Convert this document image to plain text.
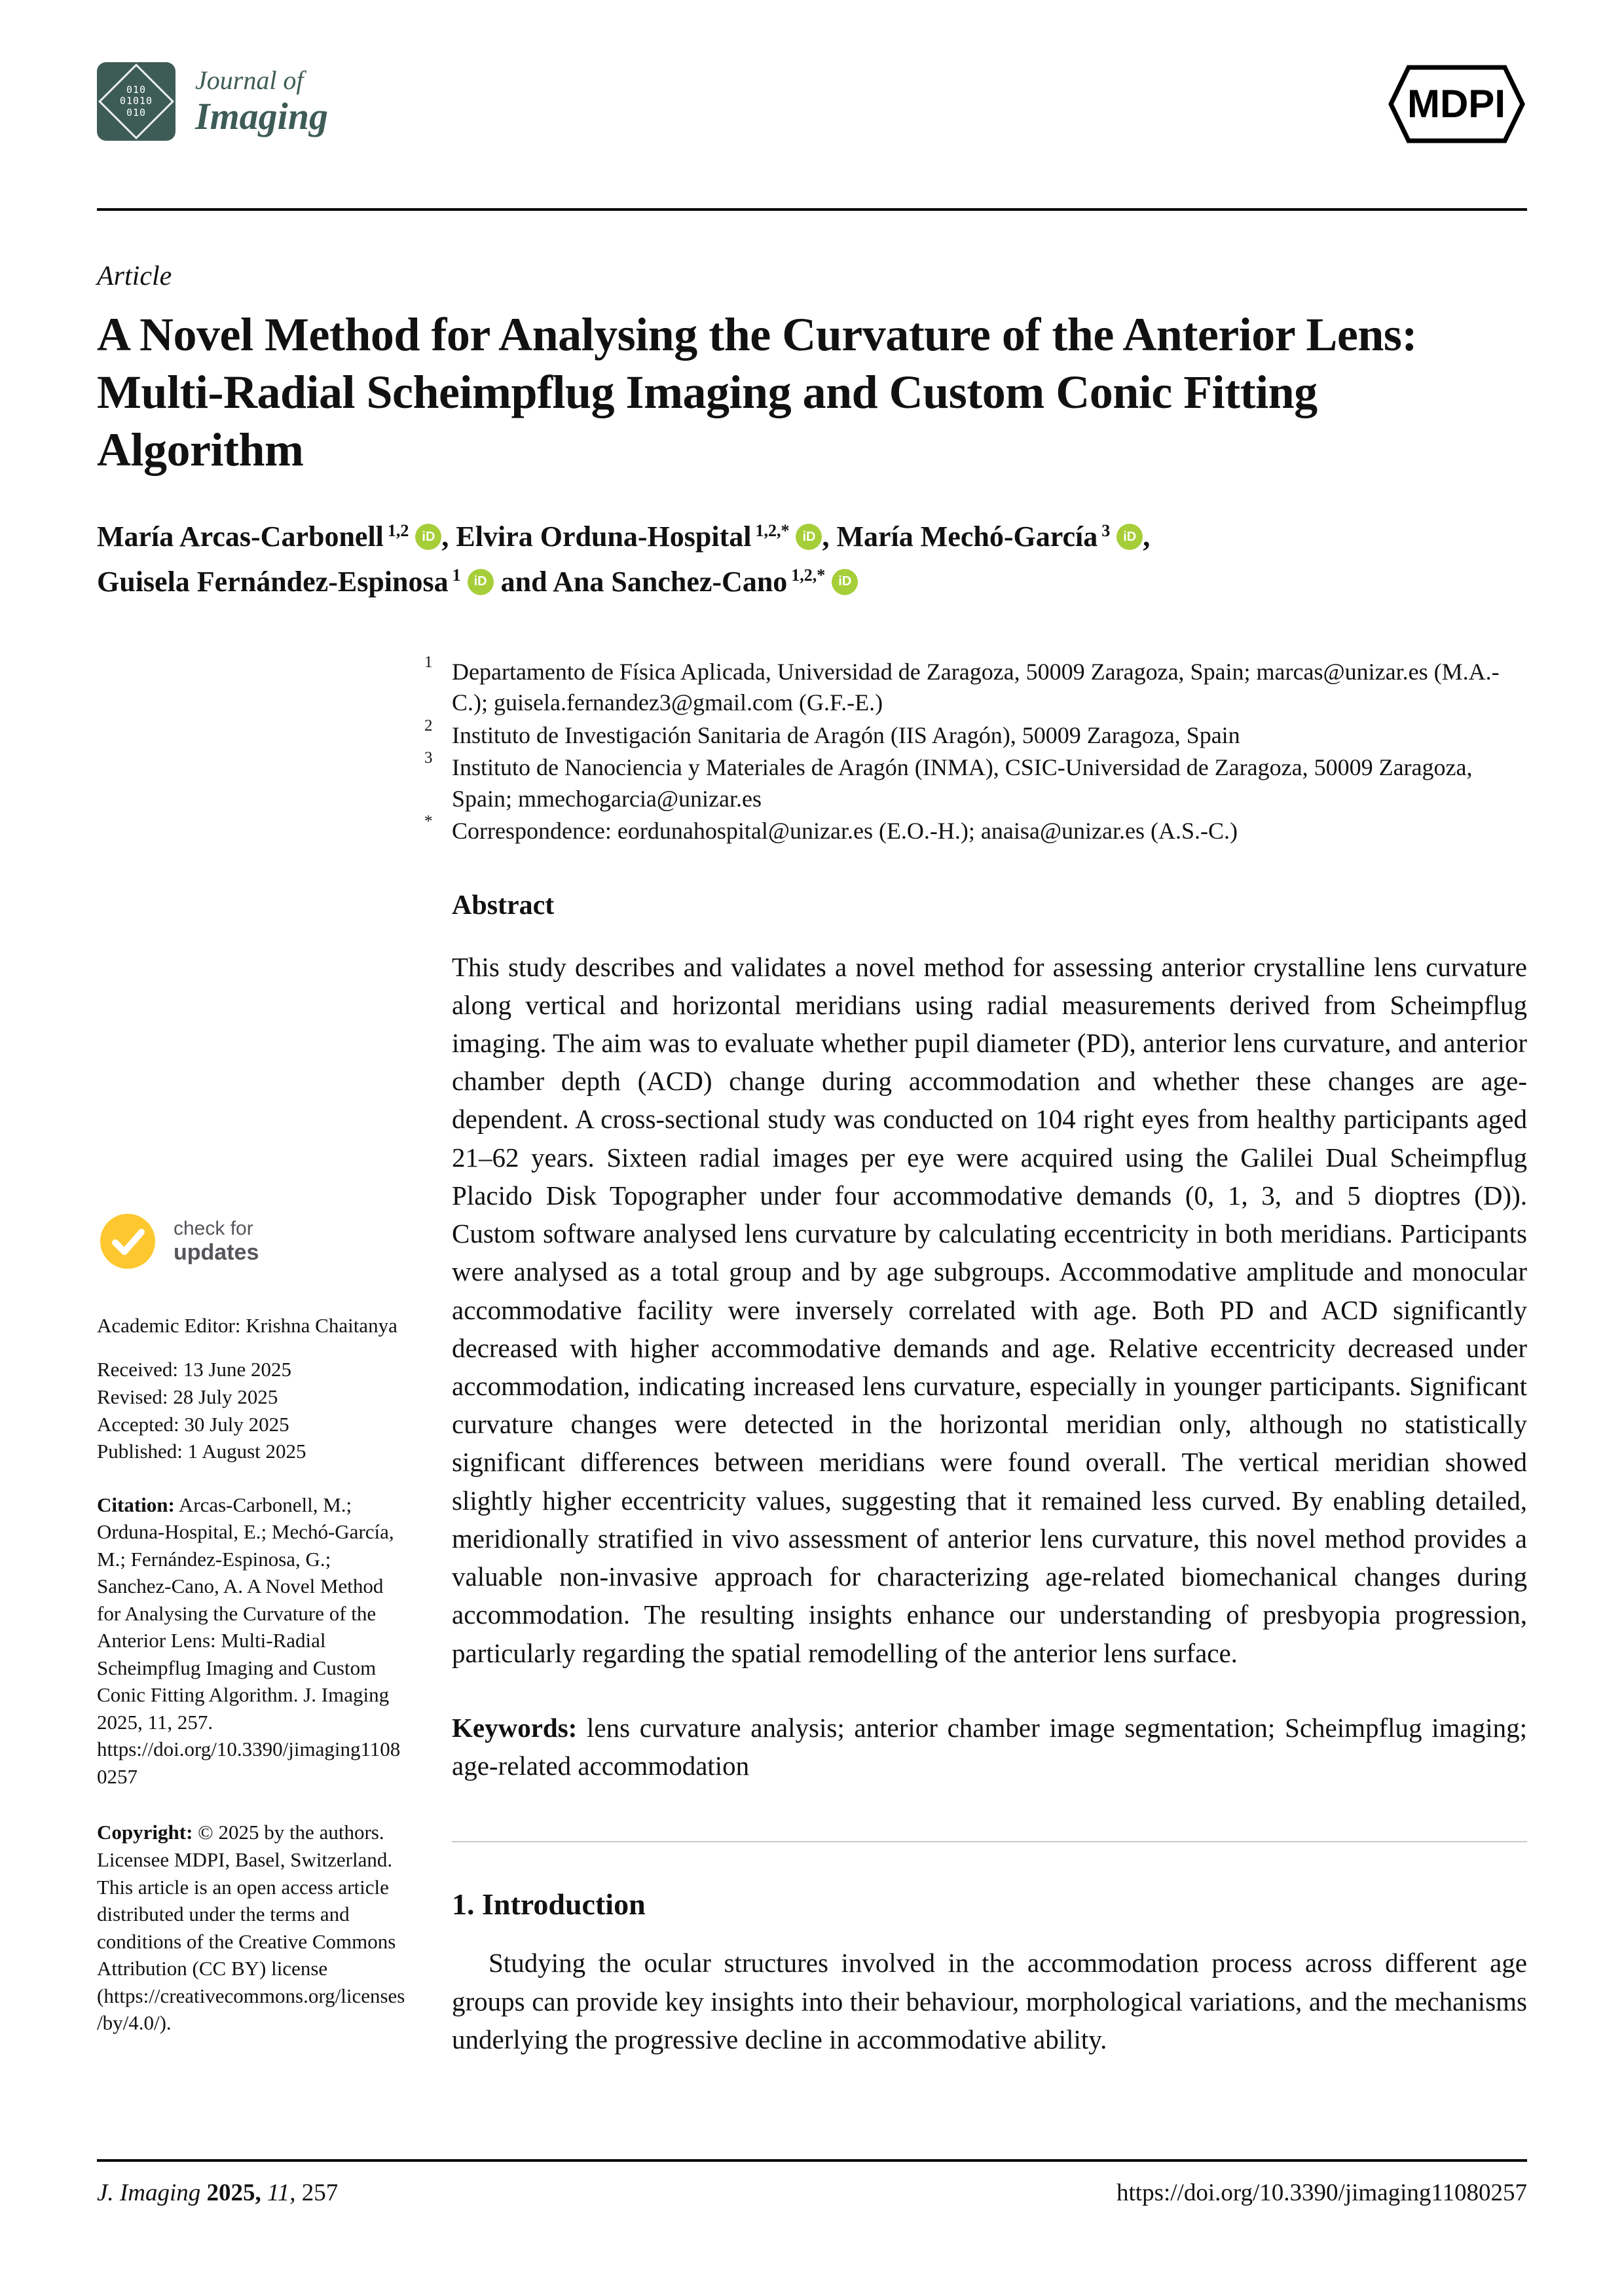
010
01010
010
Journal of
Imaging	MDPI
Article
A Novel Method for Analysing the Curvature of the Anterior Lens: Multi-Radial Scheimpflug Imaging and Custom Conic Fitting Algorithm
María Arcas-Carbonell $^{1,2}$ iD , Elvira Orduna-Hospital $^{1,2,*}$ iD , María Mechó-García $^3$ iD ,
Guisela Fernández-Espinosa $^1$ iD and Ana Sanchez-Cano $^{1,2,*}$ iD
1 Departamento de Física Aplicada, Universidad de Zaragoza, 50009 Zaragoza, Spain; marcas@unizar.es (M.A.-C.); guisela.fernandez3@gmail.com (G.F.-E.)
2 Instituto de Investigación Sanitaria de Aragón (IIS Aragón), 50009 Zaragoza, Spain
3 Instituto de Nanociencia y Materiales de Aragón (INMA), CSIC-Universidad de Zaragoza, 50009 Zaragoza, Spain; mmechogarcia@unizar.es
* Correspondence: eordunahospital@unizar.es (E.O.-H.); anaisa@unizar.es (A.S.-C.)
check for
updates
Academic Editor: Krishna Chaitanya
Received: 13 June 2025
Revised: 28 July 2025
Accepted: 30 July 2025
Published: 1 August 2025
Citation: Arcas-Carbonell, M.; Orduna-Hospital, E.; Mechó-García, M.; Fernández-Espinosa, G.; Sanchez-Cano, A. A Novel Method for Analysing the Curvature of the Anterior Lens: Multi-Radial Scheimpflug Imaging and Custom Conic Fitting Algorithm. J. Imaging 2025, 11, 257. https://doi.org/10.3390/jimaging11080257
Copyright: © 2025 by the authors. Licensee MDPI, Basel, Switzerland. This article is an open access article distributed under the terms and conditions of the Creative Commons Attribution (CC BY) license (https://creativecommons.org/licenses/by/4.0/).
Abstract

This study describes and validates a novel method for assessing anterior crystalline lens curvature along vertical and horizontal meridians using radial measurements derived from Scheimpflug imaging. The aim was to evaluate whether pupil diameter (PD), anterior lens curvature, and anterior chamber depth (ACD) change during accommodation and whether these changes are age-dependent. A cross-sectional study was conducted on 104 right eyes from healthy participants aged 21–62 years. Sixteen radial images per eye were acquired using the Galilei Dual Scheimpflug Placido Disk Topographer under four accommodative demands (0, 1, 3, and 5 dioptres (D)). Custom software analysed lens curvature by calculating eccentricity in both meridians. Participants were analysed as a total group and by age subgroups. Accommodative amplitude and monocular accommodative facility were inversely correlated with age. Both PD and ACD significantly decreased with higher accommodative demands and age. Relative eccentricity decreased under accommodation, indicating increased lens curvature, especially in younger participants. Significant curvature changes were detected in the horizontal meridian only, although no statistically significant differences between meridians were found overall. The vertical meridian showed slightly higher eccentricity values, suggesting that it remained less curved. By enabling detailed, meridionally stratified in vivo assessment of anterior lens curvature, this novel method provides a valuable non-invasive approach for characterizing age-related biomechanical changes during accommodation. The resulting insights enhance our understanding of presbyopia progression, particularly regarding the spatial remodelling of the anterior lens surface.

Keywords: lens curvature analysis; anterior chamber image segmentation; Scheimpflug imaging; age-related accommodation
1. Introduction

Studying the ocular structures involved in the accommodation process across different age groups can provide key insights into their behaviour, morphological variations, and the mechanisms underlying the progressive decline in accommodative ability.

J. Imaging 2025, 11, 257	https://doi.org/10.3390/jimaging11080257
